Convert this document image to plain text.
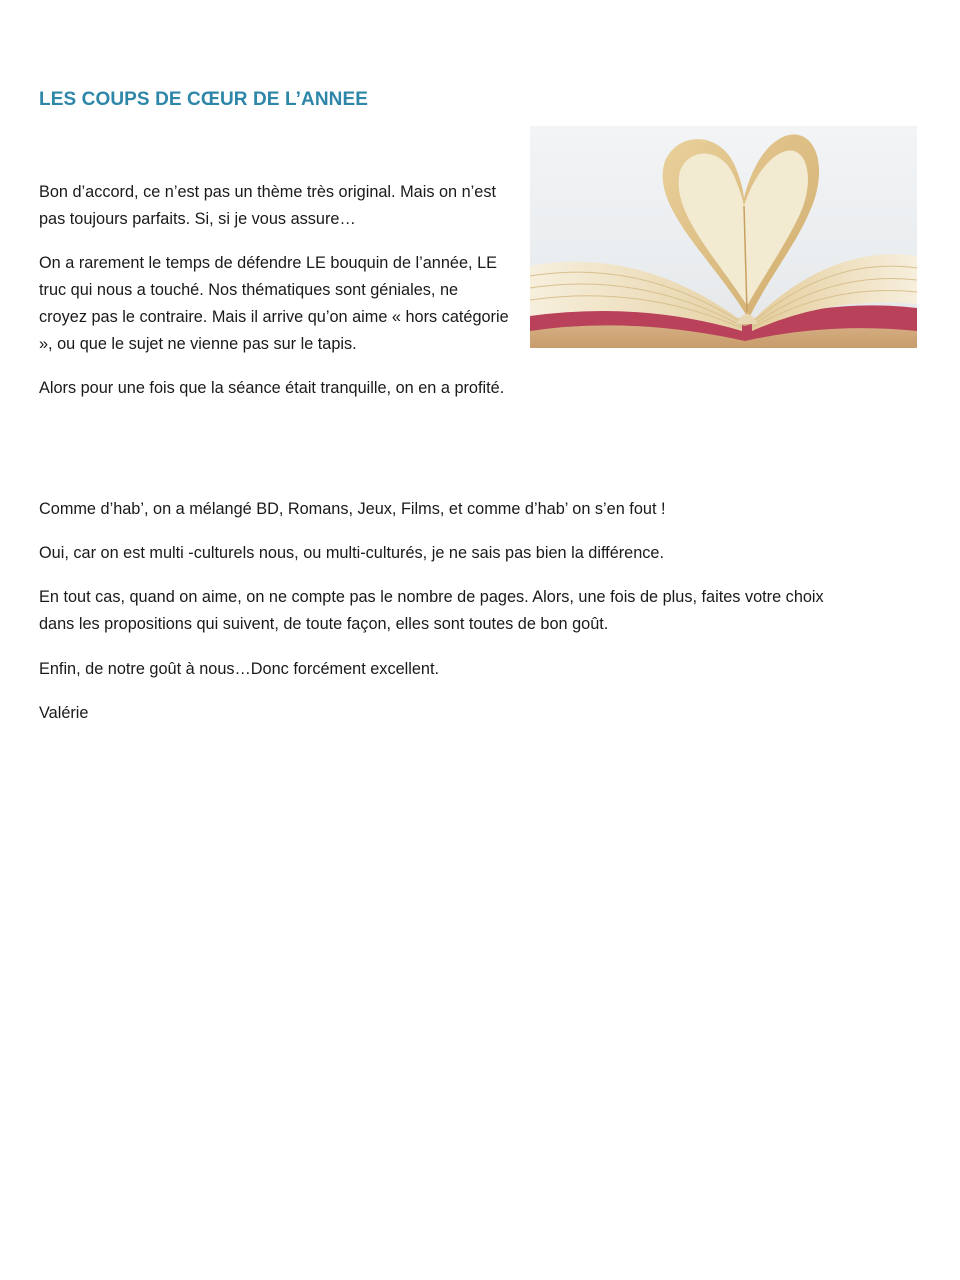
LES COUPS DE CŒUR DE L’ANNEE

Bon d’accord, ce n’est pas un thème très original. Mais on n’est pas toujours parfaits. Si, si je vous assure…

On a rarement le temps de défendre LE bouquin de l’année, LE truc qui nous a touché. Nos thématiques sont géniales, ne croyez pas le contraire. Mais il arrive qu’on aime « hors catégorie », ou que le sujet ne vienne pas sur le tapis.

Alors pour une fois que la séance était tranquille, on en a profité.

Comme d’hab’, on a mélangé BD, Romans, Jeux, Films, et comme d’hab’ on s’en fout !

Oui, car on est multi -culturels nous, ou multi-culturés, je ne sais pas bien la différence.

En tout cas, quand on aime, on ne compte pas le nombre de pages. Alors, une fois de plus, faites votre choix dans les propositions qui suivent, de toute façon, elles sont toutes de bon goût.

Enfin, de notre goût à nous…Donc forcément excellent.

Valérie
